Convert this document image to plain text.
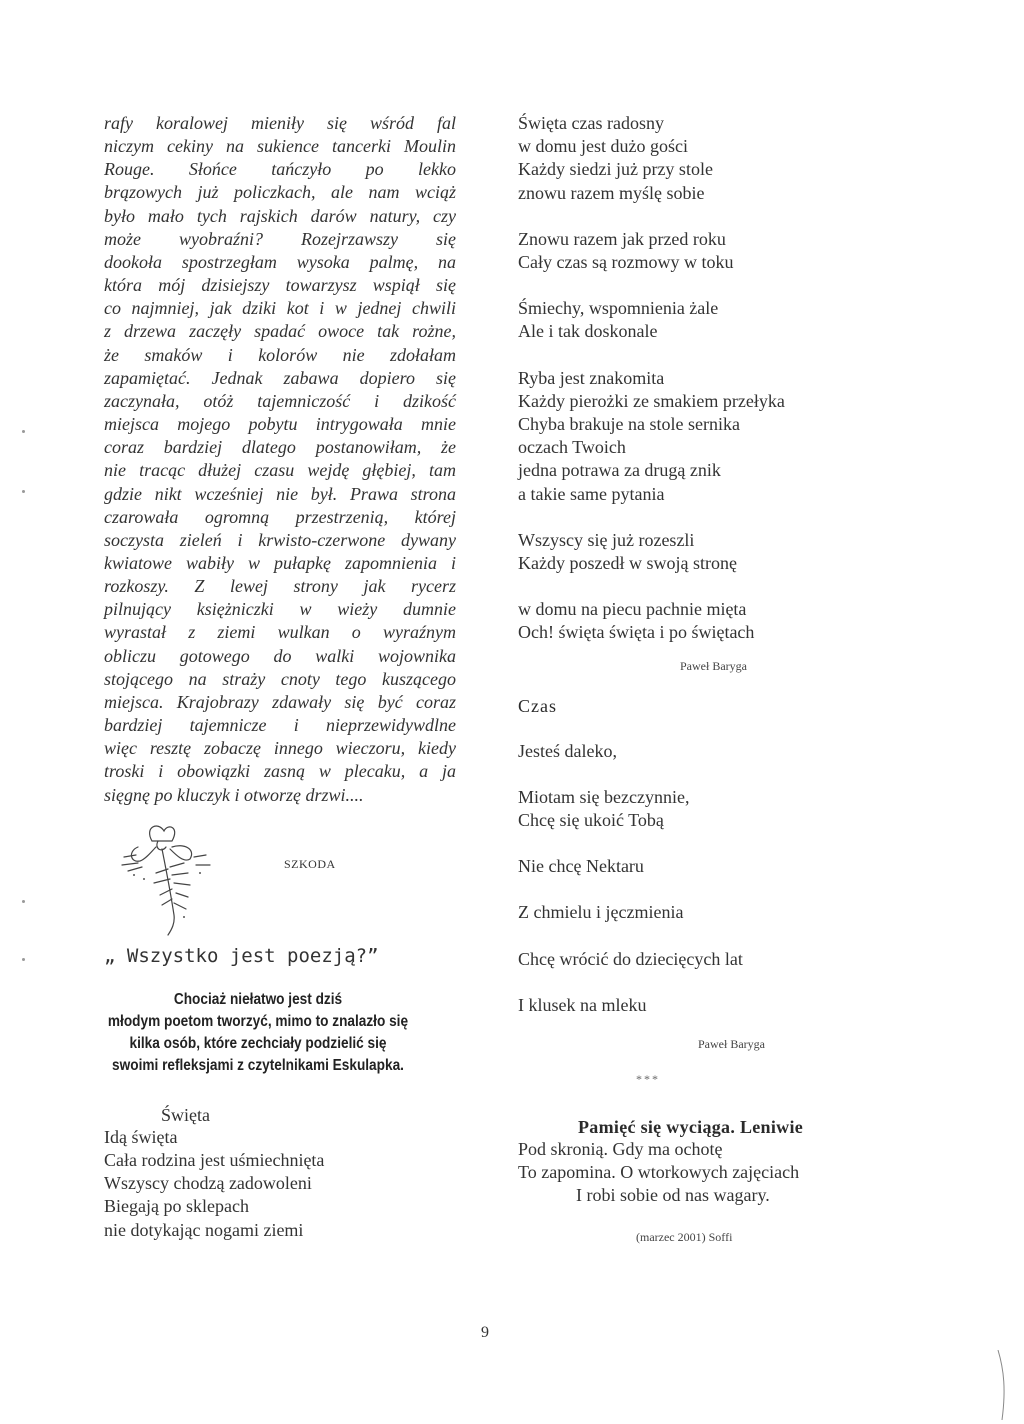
rafy koralowej mieniły się wśród fal
niczym cekiny na sukience tancerki Moulin
Rouge. Słońce tańczyło po lekko
brązowych już policzkach, ale nam wciąż
było mało tych rajskich darów natury, czy
może wyobraźni? Rozejrzawszy się
dookoła spostrzegłam wysoka palmę, na
która mój dzisiejszy towarzysz wspiął się
co najmniej, jak dziki kot i w jednej chwili
z drzewa zaczęły spadać owoce tak rożne,
że smaków i kolorów nie zdołałam
zapamiętać. Jednak zabawa dopiero się
zaczynała, otóż tajemniczość i dzikość
miejsca mojego pobytu intrygowała mnie
coraz bardziej dlatego postanowiłam, że
nie tracąc dłużej czasu wejdę głębiej, tam
gdzie nikt wcześniej nie był. Prawa strona
czarowała ogromną przestrzenią, której
soczysta zieleń i krwisto-czerwone dywany
kwiatowe wabiły w pułapkę zapomnienia i
rozkoszy. Z lewej strony jak rycerz
pilnujący księżniczki w wieży dumnie
wyrastał z ziemi wulkan o wyraźnym
obliczu gotowego do walki wojownika
stojącego na straży cnoty tego kuszącego
miejsca. Krajobrazy zdawały się być coraz
bardziej tajemnicze i nieprzewidywdlne
więc resztę zobaczę innego wieczoru, kiedy
troski i obowiązki zasną w plecaku, a ja
sięgnę po kluczyk i otworzę drzwi....

SZKODA
„ Wszystko jest poezją?”
Chociaż niełatwo jest dziś
młodym poetom tworzyć, mimo to znalazło się
kilka osób, które zechciały podzielić się
swoimi refleksjami z czytelnikami Eskulapka.
Święta
Idą święta
Cała rodzina jest uśmiechnięta
Wszyscy chodzą zadowoleni
Biegają po sklepach
nie dotykając nogami ziemi
Święta czas radosny
w domu jest dużo gości
Każdy siedzi już przy stole
znowu razem myślę sobie
Znowu razem jak przed roku
Cały czas są rozmowy w toku
Śmiechy, wspomnienia żale
Ale i tak doskonale
Ryba jest znakomita
Każdy pierożki ze smakiem przełyka
Chyba brakuje na stole sernika
oczach Twoich
jedna potrawa za drugą znik
a takie same pytania
Wszyscy się już rozeszli
Każdy poszedł w swoją stronę
w domu na piecu pachnie mięta
Och! święta święta i po świętach
Paweł Baryga
Czas
Jesteś daleko,
Miotam się bezczynnie,
Chcę się ukoić Tobą
Nie chcę Nektaru
Z chmielu i jęczmienia
Chcę wrócić do dziecięcych lat
I klusek na mleku
Paweł Baryga
***
Pamięć się wyciąga. Leniwie
Pod skronią. Gdy ma ochotę
To zapomina. O wtorkowych zajęciach
I robi sobie od nas wagary.
(marzec 2001) Soffi
9
